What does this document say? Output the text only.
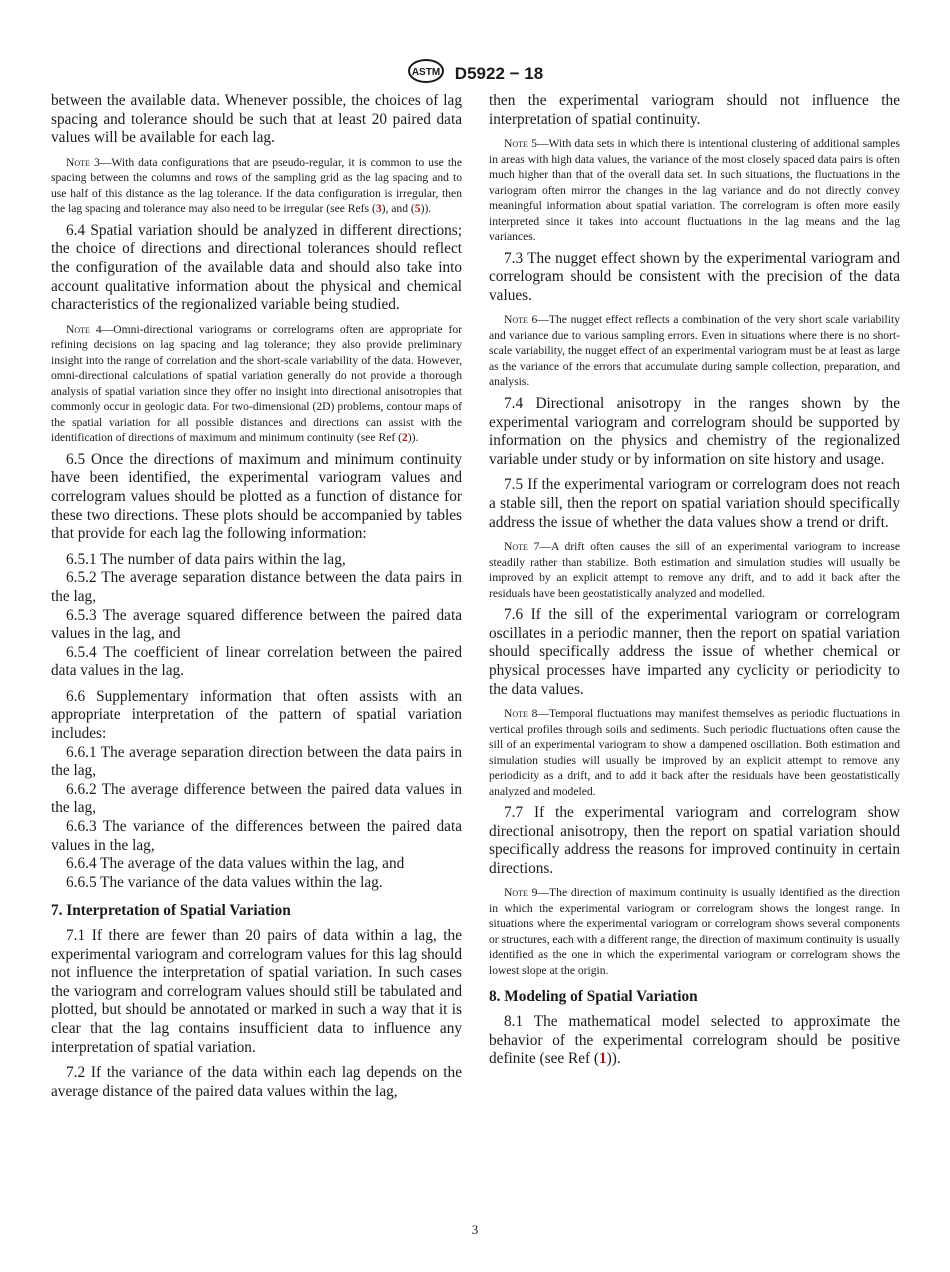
ASTM D5922 − 18

between the available data. Whenever possible, the choices of lag spacing and tolerance should be such that at least 20 paired data values will be available for each lag.

Note 3—With data configurations that are pseudo-regular, it is common to use the spacing between the columns and rows of the sampling grid as the lag spacing and to use half of this distance as the lag tolerance. If the data configuration is irregular, then the lag spacing and tolerance may also need to be irregular (see Refs (3), and (5)).

6.4 Spatial variation should be analyzed in different directions; the choice of directions and directional tolerances should reflect the configuration of the available data and should also take into account qualitative information about the physical and chemical characteristics of the regionalized variable being studied.

Note 4—Omni-directional variograms or correlograms often are appropriate for refining decisions on lag spacing and lag tolerance; they also provide preliminary insight into the range of correlation and the short-scale variability of the data. However, omni-directional calculations of spatial variation generally do not provide a thorough analysis of spatial variation since they offer no insight into directional anisotropies that commonly occur in geologic data. For two-dimensional (2D) problems, contour maps of the spatial variation for all possible distances and directions can assist with the identification of directions of maximum and minimum continuity (see Ref (2)).

6.5 Once the directions of maximum and minimum continuity have been identified, the experimental variogram values and correlogram values should be plotted as a function of distance for these two directions. These plots should be accompanied by tables that provide for each lag the following information:

6.5.1 The number of data pairs within the lag,

6.5.2 The average separation distance between the data pairs in the lag,

6.5.3 The average squared difference between the paired data values in the lag, and

6.5.4 The coefficient of linear correlation between the paired data values in the lag.

6.6 Supplementary information that often assists with an appropriate interpretation of the pattern of spatial variation includes:

6.6.1 The average separation direction between the data pairs in the lag,

6.6.2 The average difference between the paired data values in the lag,

6.6.3 The variance of the differences between the paired data values in the lag,

6.6.4 The average of the data values within the lag, and

6.6.5 The variance of the data values within the lag.

7. Interpretation of Spatial Variation

7.1 If there are fewer than 20 pairs of data within a lag, the experimental variogram and correlogram values for this lag should not influence the interpretation of spatial variation. In such cases the variogram and correlogram values should still be tabulated and plotted, but should be annotated or marked in such a way that it is clear that the lag contains insufficient data to influence any interpretation of spatial variation.

7.2 If the variance of the data within each lag depends on the average distance of the paired data values within the lag,

then the experimental variogram should not influence the interpretation of spatial continuity.

Note 5—With data sets in which there is intentional clustering of additional samples in areas with high data values, the variance of the most closely spaced data pairs is often much higher than that of the overall data set. In such situations, the fluctuations in the variogram often mirror the changes in the lag variance and do not directly convey meaningful information about spatial variation. The correlogram is often more easily interpreted since it takes into account fluctuations in the lag means and the lag variances.

7.3 The nugget effect shown by the experimental variogram and correlogram should be consistent with the precision of the data values.

Note 6—The nugget effect reflects a combination of the very short scale variability and variance due to various sampling errors. Even in situations where there is no short-scale variability, the nugget effect of an experimental variogram must be at least as large as the variance of the errors that accumulate during sample collection, preparation, and analysis.

7.4 Directional anisotropy in the ranges shown by the experimental variogram and correlogram should be supported by information on the physics and chemistry of the regionalized variable under study or by information on site history and usage.

7.5 If the experimental variogram or correlogram does not reach a stable sill, then the report on spatial variation should specifically address the issue of whether the data values show a trend or drift.

Note 7—A drift often causes the sill of an experimental variogram to increase steadily rather than stabilize. Both estimation and simulation studies will usually be improved by an explicit attempt to remove any drift, and to add it back after the residuals have been geostatistically analyzed and modelled.

7.6 If the sill of the experimental variogram or correlogram oscillates in a periodic manner, then the report on spatial variation should specifically address the issue of whether chemical or physical processes have imparted any cyclicity or periodicity to the data values.

Note 8—Temporal fluctuations may manifest themselves as periodic fluctuations in vertical profiles through soils and sediments. Such periodic fluctuations often cause the sill of an experimental variogram to show a dampened oscillation. Both estimation and simulation studies will usually be improved by an explicit attempt to remove any periodicity as a drift, and to add it back after the residuals have been geostatistically analyzed and modeled.

7.7 If the experimental variogram and correlogram show directional anisotropy, then the report on spatial variation should specifically address the reasons for improved continuity in certain directions.

Note 9—The direction of maximum continuity is usually identified as the direction in which the experimental variogram or correlogram shows the longest range. In situations where the experimental variogram or correlogram shows several components or structures, each with a different range, the direction of maximum continuity is usually identified as the one in which the experimental variogram or correlogram shows the lowest slope at the origin.

8. Modeling of Spatial Variation

8.1 The mathematical model selected to approximate the behavior of the experimental correlogram should be positive definite (see Ref (1)).

3
